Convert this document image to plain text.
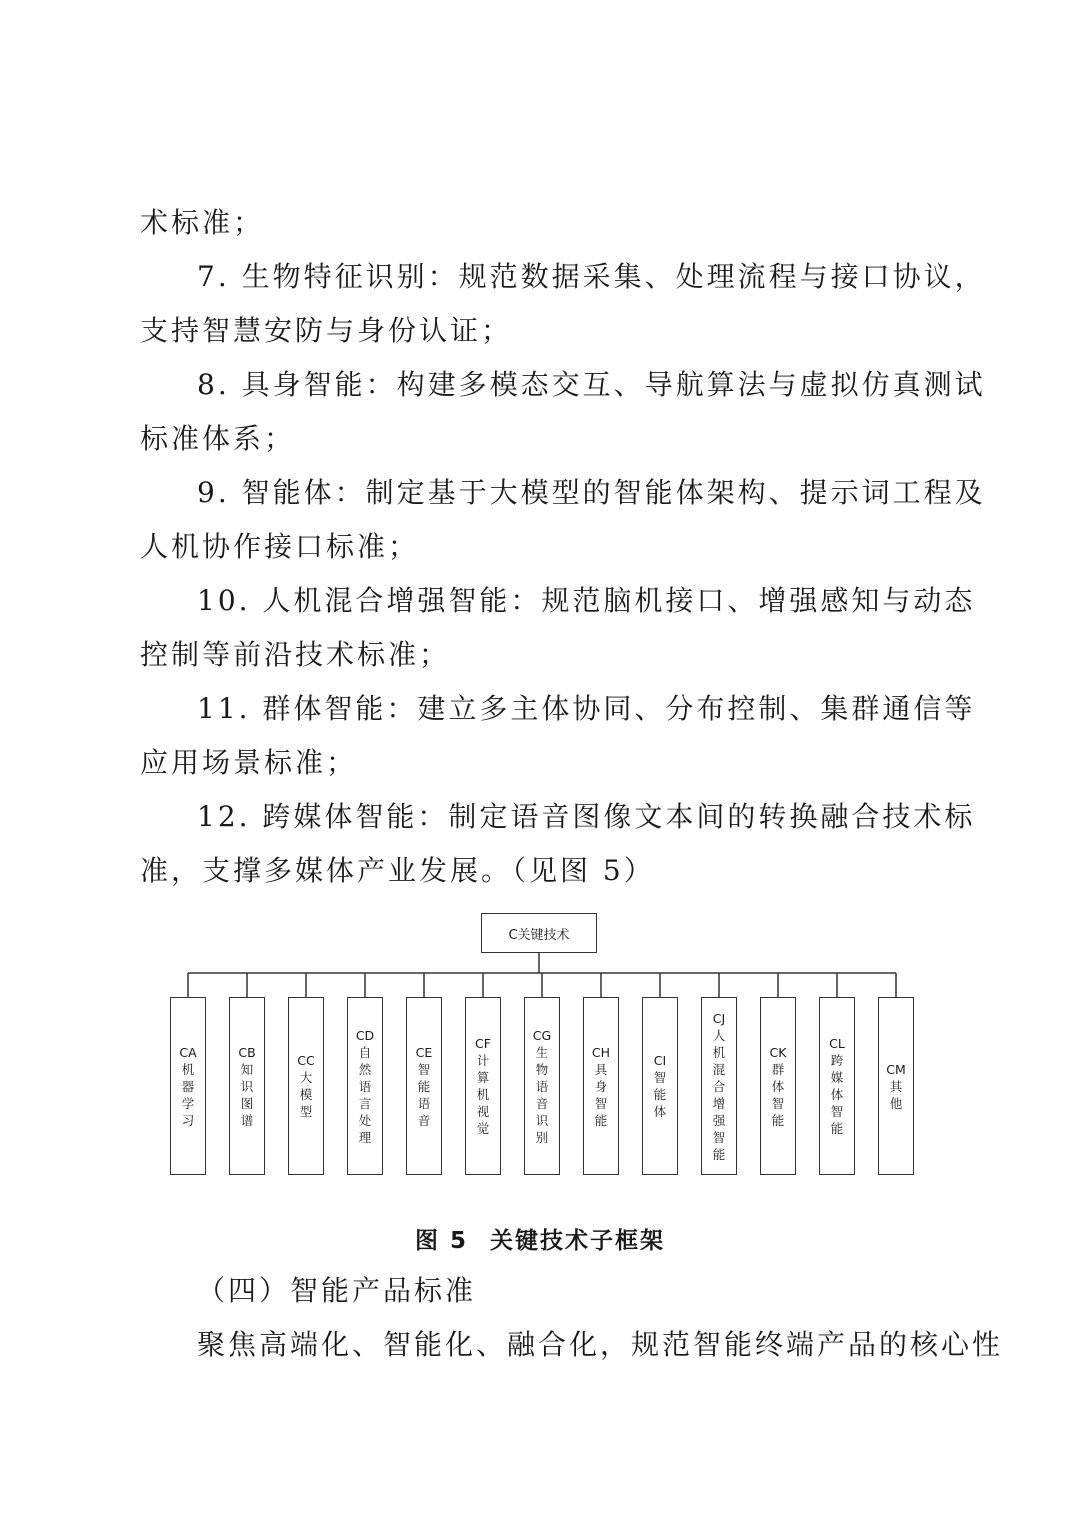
术标准；
7. 生物特征识别：规范数据采集、处理流程与接口协议，
支持智慧安防与身份认证；
8. 具身智能：构建多模态交互、导航算法与虚拟仿真测试
标准体系；
9. 智能体：制定基于大模型的智能体架构、提示词工程及
人机协作接口标准；
10. 人机混合增强智能：规范脑机接口、增强感知与动态
控制等前沿技术标准；
11. 群体智能：建立多主体协同、分布控制、集群通信等
应用场景标准；
12. 跨媒体智能：制定语音图像文本间的转换融合技术标
准，支撑多媒体产业发展。（见图 5）
C关键技术
CA
机器学习
CB
知识图谱
CC
大模型
CD
自然语言处理
CE
智能语音
CF
计算机视觉
CG
生物语音识别
CH
具身智能
CI
智能体
CJ
人机混合增强智能
CK
群体智能
CL
跨媒体智能
CM
其他
图 5 关键技术子框架
（四）智能产品标准
聚焦高端化、智能化、融合化，规范智能终端产品的核心性
